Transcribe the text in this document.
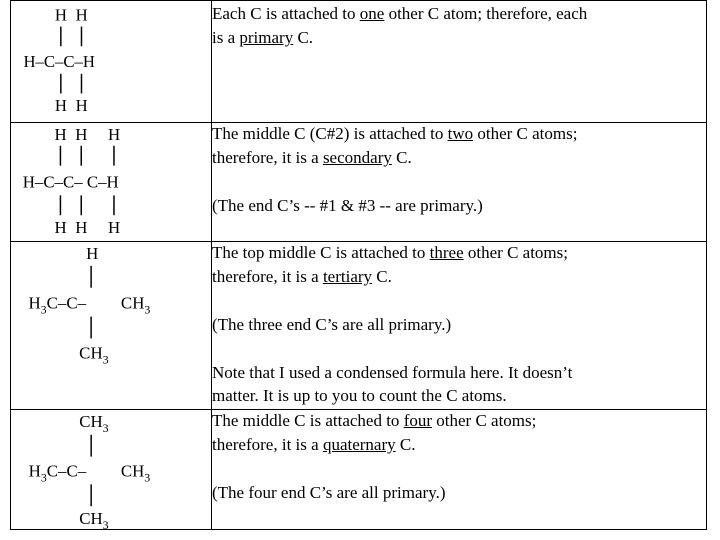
H H
H–C–C–H
H H
Each C is attached to one other C atom; therefore, each
is a primary C.
H H H
H–C–C– C–H
H H H
The middle C (C#2) is attached to two other C atoms;
therefore, it is a secondary C.
(The end C’s -- #1 & #3 -- are primary.)
H
$H_3C-C-$ $CH_3$
$CH_3$
The top middle C is attached to three other C atoms;
therefore, it is a tertiary C.
(The three end C’s are all primary.)
Note that I used a condensed formula here. It doesn’t
matter. It is up to you to count the C atoms.
$CH_3$
$H_3C-C-$ $CH_3$
$CH_3$
The middle C is attached to four other C atoms;
therefore, it is a quaternary C.
(The four end C’s are all primary.)
